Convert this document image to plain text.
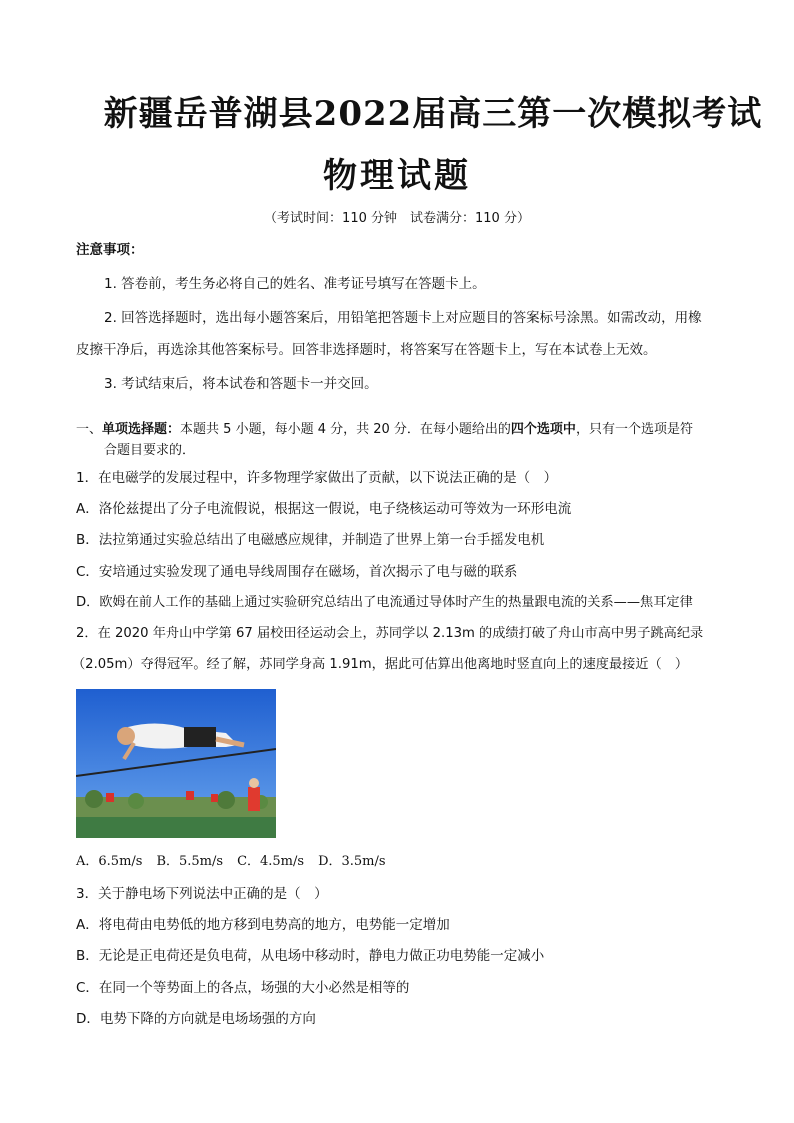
新疆岳普湖县2022届高三第一次模拟考试
物理试题
（考试时间：110 分钟　试卷满分：110 分）
注意事项：
1. 答卷前，考生务必将自己的姓名、准考证号填写在答题卡上。
2. 回答选择题时，选出每小题答案后，用铅笔把答题卡上对应题目的答案标号涂黑。如需改动，用橡
皮擦干净后，再选涂其他答案标号。回答非选择题时，将答案写在答题卡上，写在本试卷上无效。
3. 考试结束后，将本试卷和答题卡一并交回。
一、单项选择题：本题共 5 小题，每小题 4 分，共 20 分．在每小题给出的四个选项中，只有一个选项是符
合题目要求的．
1．在电磁学的发展过程中，许多物理学家做出了贡献，以下说法正确的是（　）
A．洛伦兹提出了分子电流假说，根据这一假说，电子绕核运动可等效为一环形电流
B．法拉第通过实验总结出了电磁感应规律，并制造了世界上第一台手摇发电机
C．安培通过实验发现了通电导线周围存在磁场，首次揭示了电与磁的联系
D．欧姆在前人工作的基础上通过实验研究总结出了电流通过导体时产生的热量跟电流的关系——焦耳定律
2．在 2020 年舟山中学第 67 届校田径运动会上，苏同学以 2.13m 的成绩打破了舟山市高中男子跳高纪录
（2.05m）夺得冠军。经了解，苏同学身高 1.91m，据此可估算出他离地时竖直向上的速度最接近（　）
A．6.5m/s B．5.5m/s C．4.5m/s D．3.5m/s
3．关于静电场下列说法中正确的是（　）
A．将电荷由电势低的地方移到电势高的地方，电势能一定增加
B．无论是正电荷还是负电荷，从电场中移动时，静电力做正功电势能一定减小
C．在同一个等势面上的各点，场强的大小必然是相等的
D．电势下降的方向就是电场场强的方向
